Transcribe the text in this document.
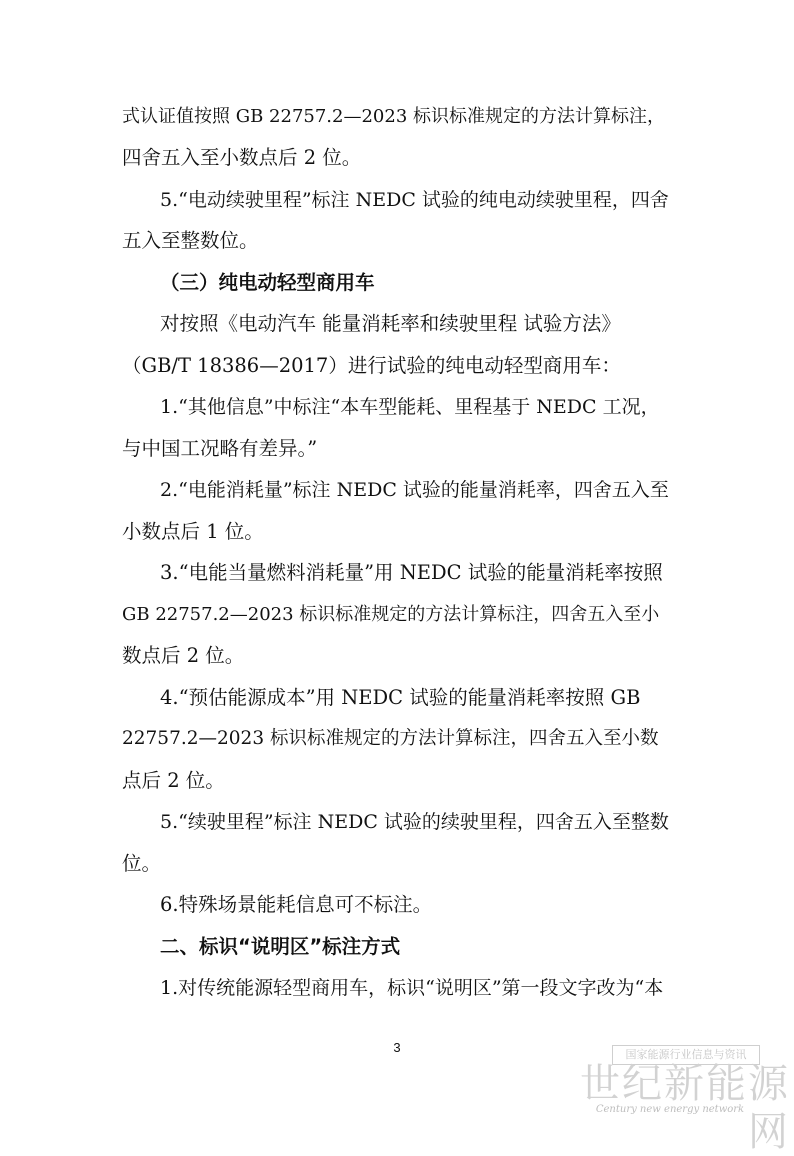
式认证值按照 GB 22757.2—2023 标识标准规定的方法计算标注，
四舍五入至小数点后 2 位。
5.“电动续驶里程”标注 NEDC 试验的纯电动续驶里程，四舍
五入至整数位。
（三）纯电动轻型商用车
对按照《电动汽车 能量消耗率和续驶里程 试验方法》
（GB/T 18386—2017）进行试验的纯电动轻型商用车：
1.“其他信息”中标注“本车型能耗、里程基于 NEDC 工况，
与中国工况略有差异。”
2.“电能消耗量”标注 NEDC 试验的能量消耗率，四舍五入至
小数点后 1 位。
3.“电能当量燃料消耗量”用 NEDC 试验的能量消耗率按照
GB 22757.2—2023 标识标准规定的方法计算标注，四舍五入至小
数点后 2 位。
4.“预估能源成本”用 NEDC 试验的能量消耗率按照 GB
22757.2—2023 标识标准规定的方法计算标注，四舍五入至小数
点后 2 位。
5.“续驶里程”标注 NEDC 试验的续驶里程，四舍五入至整数
位。
6.特殊场景能耗信息可不标注。
二、标识“说明区”标注方式
1.对传统能源轻型商用车，标识“说明区”第一段文字改为“本
3	国家能源行业信息与资讯
世纪新能源网
Century new energy network
